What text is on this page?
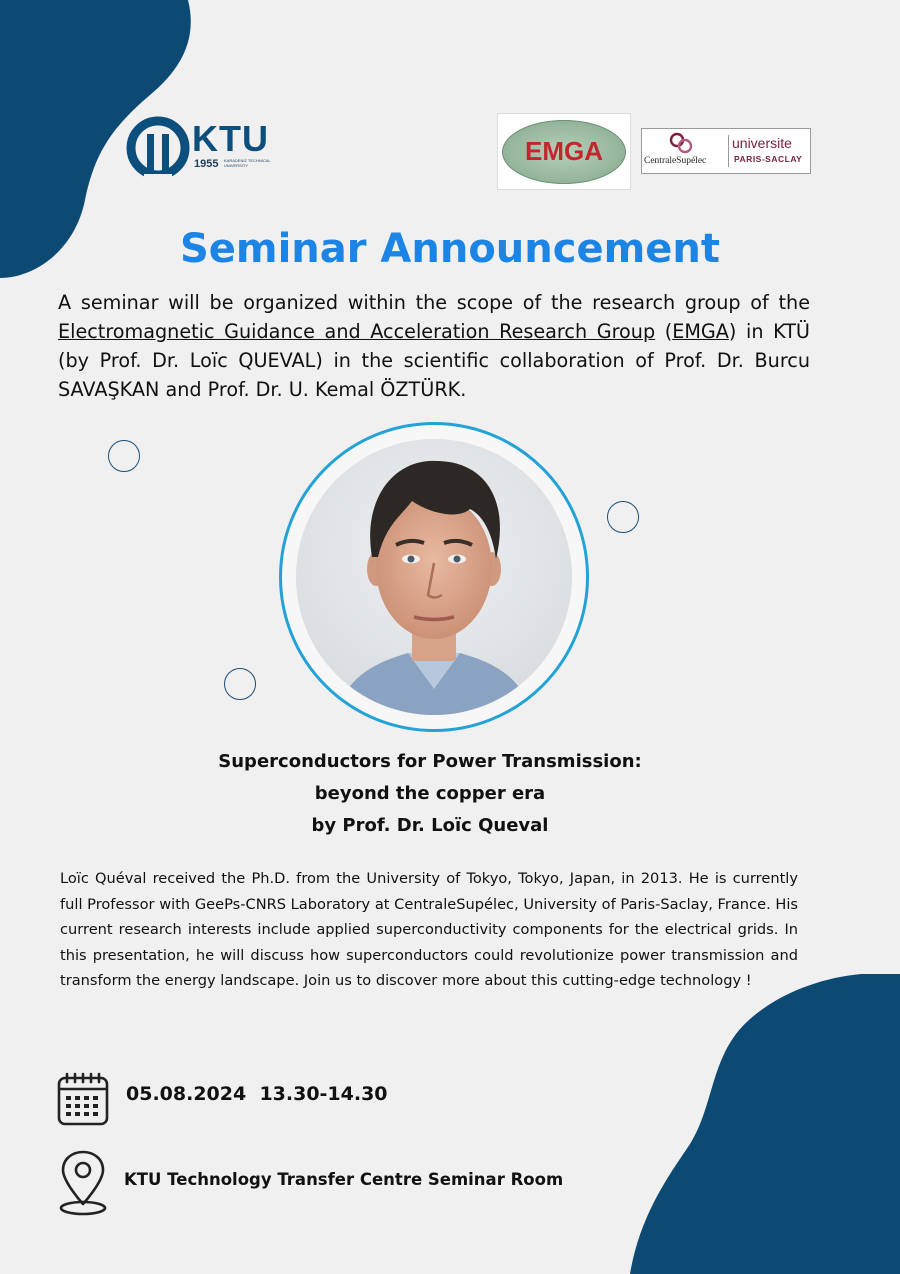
KTU
1955 KARADENİZ TECHNICAL UNIVERSITY	EMGA	CentraleSupélec
universite
PARIS-SACLAY
Seminar Announcement

A seminar will be organized within the scope of the research group of the Electromagnetic Guidance and Acceleration Research Group (EMGA) in KTÜ (by Prof. Dr. Loïc QUEVAL) in the scientific collaboration of Prof. Dr. Burcu SAVAŞKAN and Prof. Dr. U. Kemal ÖZTÜRK.

Superconductors for Power Transmission:
beyond the copper era
by Prof. Dr. Loïc Queval

Loïc Quéval received the Ph.D. from the University of Tokyo, Tokyo, Japan, in 2013. He is currently full Professor with GeePs-CNRS Laboratory at CentraleSupélec, University of Paris-Saclay, France. His current research interests include applied superconductivity components for the electrical grids. In this presentation, he will discuss how superconductors could revolutionize power transmission and transform the energy landscape. Join us to discover more about this cutting-edge technology !

05.08.2024 13.30-14.30
KTU Technology Transfer Centre Seminar Room
